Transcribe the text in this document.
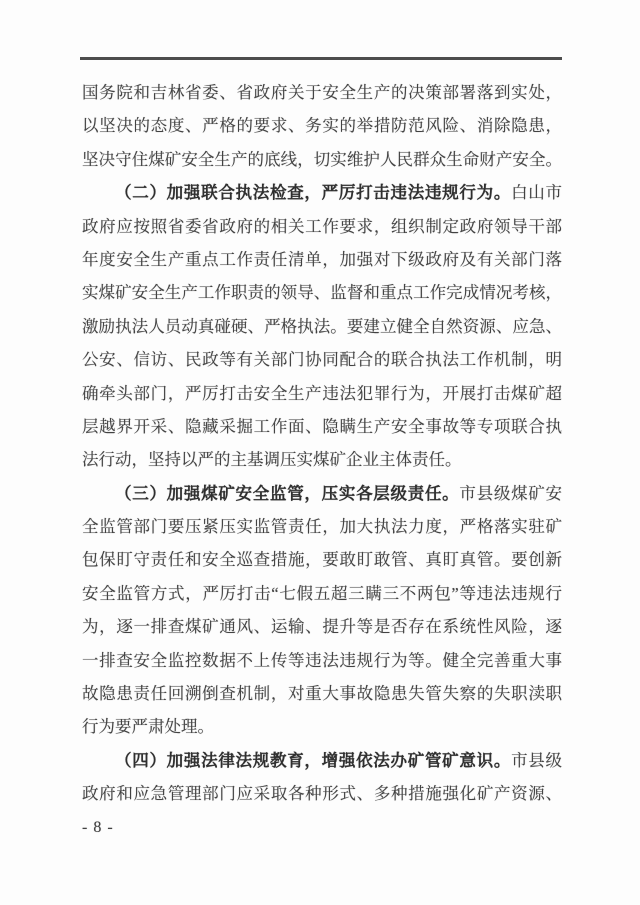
国务院和吉林省委、省政府关于安全生产的决策部署落到实处，
以坚决的态度、严格的要求、务实的举措防范风险、消除隐患，
坚决守住煤矿安全生产的底线，切实维护人民群众生命财产安全。
（二）加强联合执法检查，严厉打击违法违规行为。白山市
政府应按照省委省政府的相关工作要求，组织制定政府领导干部
年度安全生产重点工作责任清单，加强对下级政府及有关部门落
实煤矿安全生产工作职责的领导、监督和重点工作完成情况考核，
激励执法人员动真碰硬、严格执法。要建立健全自然资源、应急、
公安、信访、民政等有关部门协同配合的联合执法工作机制，明
确牵头部门，严厉打击安全生产违法犯罪行为，开展打击煤矿超
层越界开采、隐藏采掘工作面、隐瞒生产安全事故等专项联合执
法行动，坚持以严的主基调压实煤矿企业主体责任。
（三）加强煤矿安全监管，压实各层级责任。市县级煤矿安
全监管部门要压紧压实监管责任，加大执法力度，严格落实驻矿
包保盯守责任和安全巡查措施，要敢盯敢管、真盯真管。要创新
安全监管方式，严厉打击“七假五超三瞒三不两包”等违法违规行
为，逐一排查煤矿通风、运输、提升等是否存在系统性风险，逐
一排查安全监控数据不上传等违法违规行为等。健全完善重大事
故隐患责任回溯倒查机制，对重大事故隐患失管失察的失职渎职
行为要严肃处理。
（四）加强法律法规教育，增强依法办矿管矿意识。市县级
政府和应急管理部门应采取各种形式、多种措施强化矿产资源、
- 8 -
